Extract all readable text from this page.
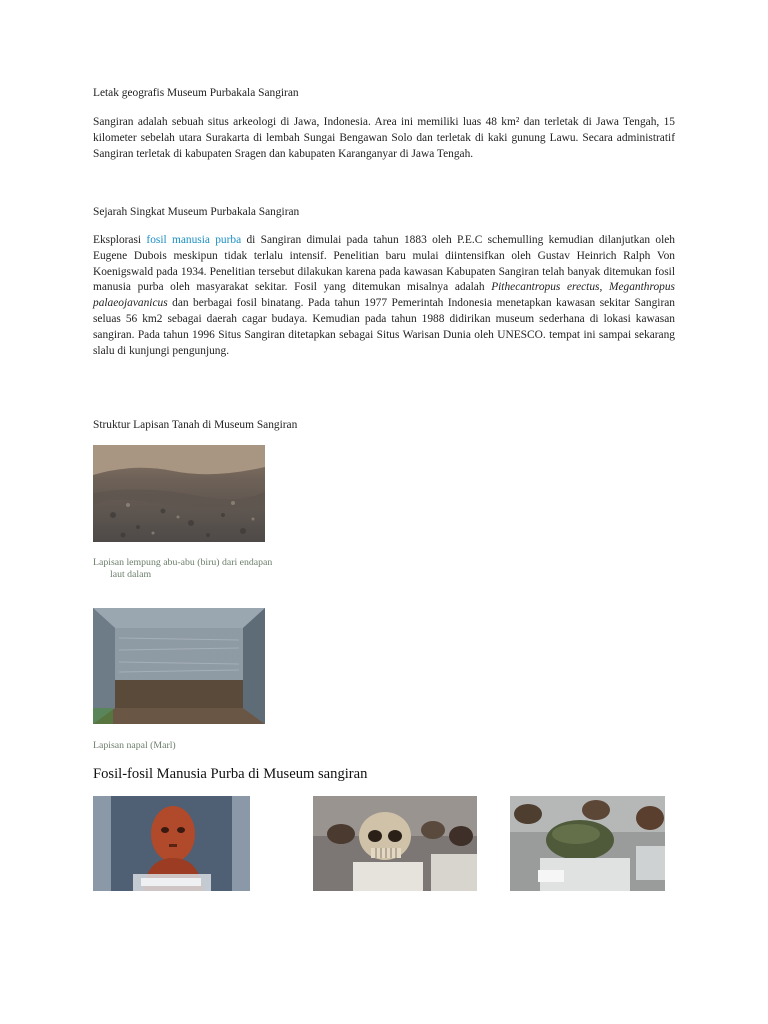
Letak geografis Museum Purbakala Sangiran

Sangiran adalah sebuah situs arkeologi di Jawa, Indonesia. Area ini memiliki luas 48 km² dan terletak di Jawa Tengah, 15 kilometer sebelah utara Surakarta di lembah Sungai Bengawan Solo dan terletak di kaki gunung Lawu. Secara administratif Sangiran terletak di kabupaten Sragen dan kabupaten Karanganyar di Jawa Tengah.

Sejarah Singkat Museum Purbakala Sangiran

Eksplorasi fosil manusia purba di Sangiran dimulai pada tahun 1883 oleh P.E.C schemulling kemudian dilanjutkan oleh Eugene Dubois meskipun tidak terlalu intensif. Penelitian baru mulai diintensifkan oleh Gustav Heinrich Ralph Von Koenigswald pada 1934. Penelitian tersebut dilakukan karena pada kawasan Kabupaten Sangiran telah banyak ditemukan fosil manusia purba oleh masyarakat sekitar. Fosil yang ditemukan misalnya adalah Pithecantropus erectus, Meganthropus palaeojavanicus dan berbagai fosil binatang. Pada tahun 1977 Pemerintah Indonesia menetapkan kawasan sekitar Sangiran seluas 56 km2 sebagai daerah cagar budaya. Kemudian pada tahun 1988 didirikan museum sederhana di lokasi kawasan sangiran. Pada tahun 1996 Situs Sangiran ditetapkan sebagai Situs Warisan Dunia oleh UNESCO. tempat ini sampai sekarang slalu di kunjungi pengunjung.

Struktur Lapisan Tanah di Museum Sangiran

Lapisan lempung abu-abu (biru) dari endapan
laut dalam

Lapisan napal (Marl)

Fosil-fosil Manusia Purba di Museum sangiran
